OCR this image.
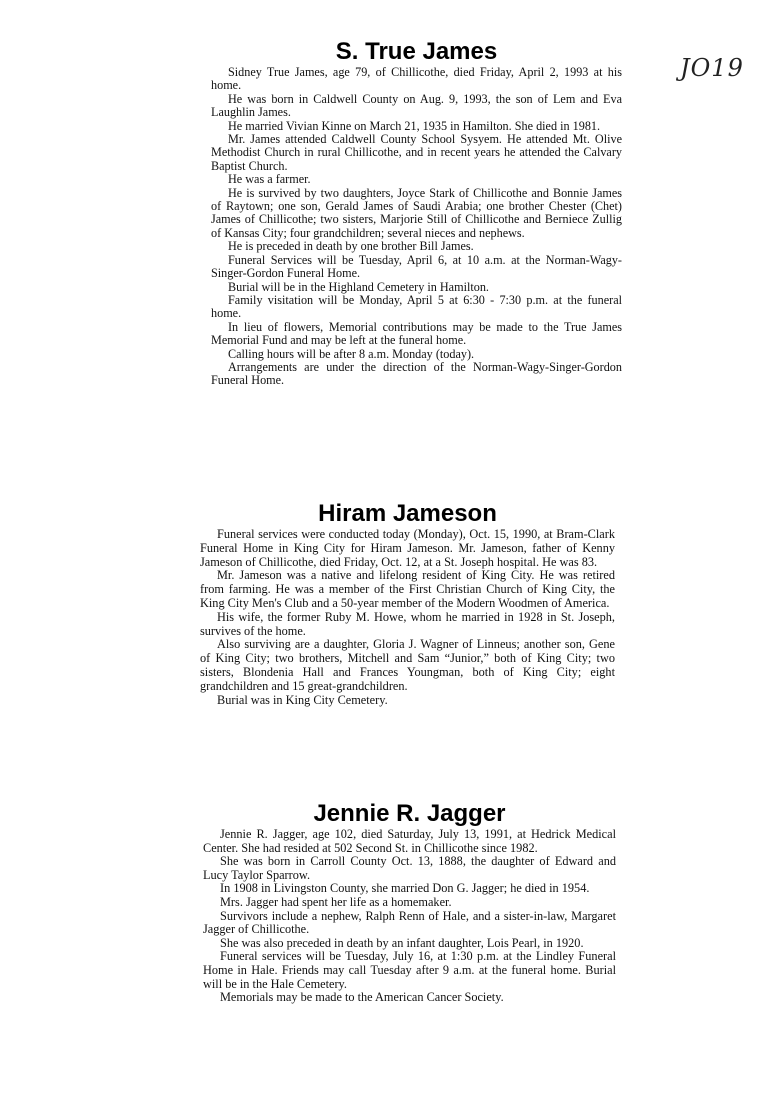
JO19
S. True James

Sidney True James, age 79, of Chillicothe, died Friday, April 2, 1993 at his home.

He was born in Caldwell County on Aug. 9, 1993, the son of Lem and Eva Laughlin James.

He married Vivian Kinne on March 21, 1935 in Hamilton. She died in 1981.

Mr. James attended Caldwell County School Sysyem. He attended Mt. Olive Methodist Church in rural Chillicothe, and in recent years he attended the Calvary Baptist Church.

He was a farmer.

He is survived by two daughters, Joyce Stark of Chillicothe and Bonnie James of Raytown; one son, Gerald James of Saudi Arabia; one brother Chester (Chet) James of Chillicothe; two sisters, Marjorie Still of Chillicothe and Berniece Zullig of Kansas City; four grandchildren; several nieces and nephews.

He is preceded in death by one brother Bill James.

Funeral Services will be Tuesday, April 6, at 10 a.m. at the Norman-Wagy-Singer-Gordon Funeral Home.

Burial will be in the Highland Cemetery in Hamilton.

Family visitation will be Monday, April 5 at 6:30 - 7:30 p.m. at the funeral home.

In lieu of flowers, Memorial contributions may be made to the True James Memorial Fund and may be left at the funeral home.

Calling hours will be after 8 a.m. Monday (today).

Arrangements are under the direction of the Norman-Wagy-Singer-Gordon Funeral Home.

Hiram Jameson

Funeral services were conducted today (Monday), Oct. 15, 1990, at Bram-Clark Funeral Home in King City for Hiram Jameson. Mr. Jameson, father of Kenny Jameson of Chillicothe, died Friday, Oct. 12, at a St. Joseph hospital. He was 83.

Mr. Jameson was a native and lifelong resident of King City. He was retired from farming. He was a member of the First Christian Church of King City, the King City Men's Club and a 50-year member of the Modern Woodmen of America.

His wife, the former Ruby M. Howe, whom he married in 1928 in St. Joseph, survives of the home.

Also surviving are a daughter, Gloria J. Wagner of Linneus; another son, Gene of King City; two brothers, Mitchell and Sam “Junior,” both of King City; two sisters, Blondenia Hall and Frances Youngman, both of King City; eight grandchildren and 15 great-grandchildren.

Burial was in King City Cemetery.

Jennie R. Jagger

Jennie R. Jagger, age 102, died Saturday, July 13, 1991, at Hedrick Medical Center. She had resided at 502 Second St. in Chillicothe since 1982.

She was born in Carroll County Oct. 13, 1888, the daughter of Edward and Lucy Taylor Sparrow.

In 1908 in Livingston County, she married Don G. Jagger; he died in 1954.

Mrs. Jagger had spent her life as a homemaker.

Survivors include a nephew, Ralph Renn of Hale, and a sister-in-law, Margaret Jagger of Chillicothe.

She was also preceded in death by an infant daughter, Lois Pearl, in 1920.

Funeral services will be Tuesday, July 16, at 1:30 p.m. at the Lindley Funeral Home in Hale. Friends may call Tuesday after 9 a.m. at the funeral home. Burial will be in the Hale Cemetery.

Memorials may be made to the American Cancer Society.
